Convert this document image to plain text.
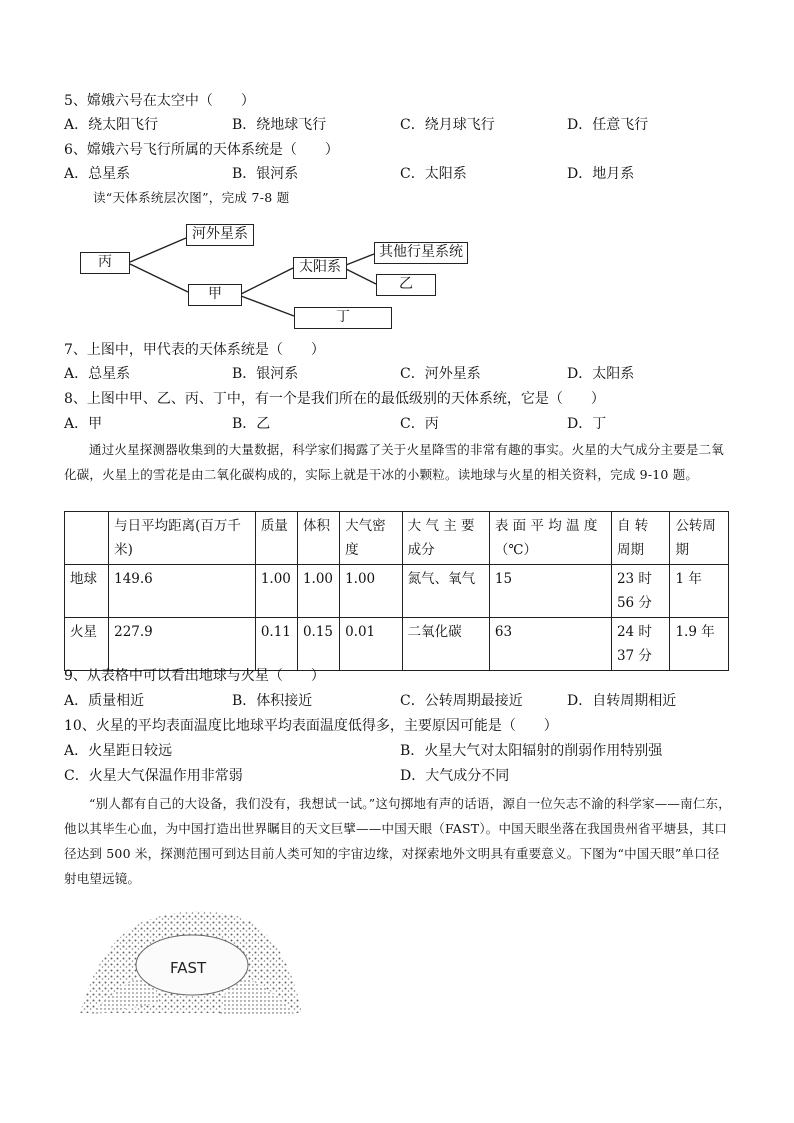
5、嫦娥六号在太空中（　　）
A．绕太阳飞行	B．绕地球飞行	C．绕月球飞行	D．任意飞行
6、嫦娥六号飞行所属的天体系统是（　　）
A．总星系	B．银河系	C．太阳系	D．地月系
读“天体系统层次图”，完成 7-8 题
丙
河外星系
甲
太阳系
其他行星系统
乙
丁
7、上图中，甲代表的天体系统是（　　）
A．总星系	B．银河系	C．河外星系	D．太阳系
8、上图中甲、乙、丙、丁中，有一个是我们所在的最低级别的天体系统，它是（　　）
A．甲	B．乙	C．丙	D．丁
通过火星探测器收集到的大量数据，科学家们揭露了关于火星降雪的非常有趣的事实。火星的大气成分主要是二氧化碳，火星上的雪花是由二氧化碳构成的，实际上就是干冰的小颗粒。读地球与火星的相关资料，完成 9-10 题。
	与日平均距离(百万千米)	质量	体积	大气密度	大 气 主 要成分	表 面 平 均 温 度（℃）	自 转 周期	公转周期
地球	149.6	1.00	1.00	1.00	氮气、氧气	15	23 时 56 分	1 年
火星	227.9	0.11	0.15	0.01	二氧化碳	63	24 时 37 分	1.9 年
9、从表格中可以看出地球与火星（　　）
A．质量相近	B．体积接近	C．公转周期最接近	D．自转周期相近
10、火星的平均表面温度比地球平均表面温度低得多，主要原因可能是（　　）
A．火星距日较远	B．火星大气对太阳辐射的削弱作用特别强
C．火星大气保温作用非常弱	D．大气成分不同
“别人都有自己的大设备，我们没有，我想试一试。”这句掷地有声的话语，源自一位矢志不渝的科学家——南仁东，他以其毕生心血，为中国打造出世界瞩目的天文巨擘——中国天眼（FAST）。中国天眼坐落在我国贵州省平塘县，其口径达到 500 米，探测范围可到达目前人类可知的宇宙边缘，对探索地外文明具有重要意义。下图为“中国天眼”单口径射电望远镜。
FAST
